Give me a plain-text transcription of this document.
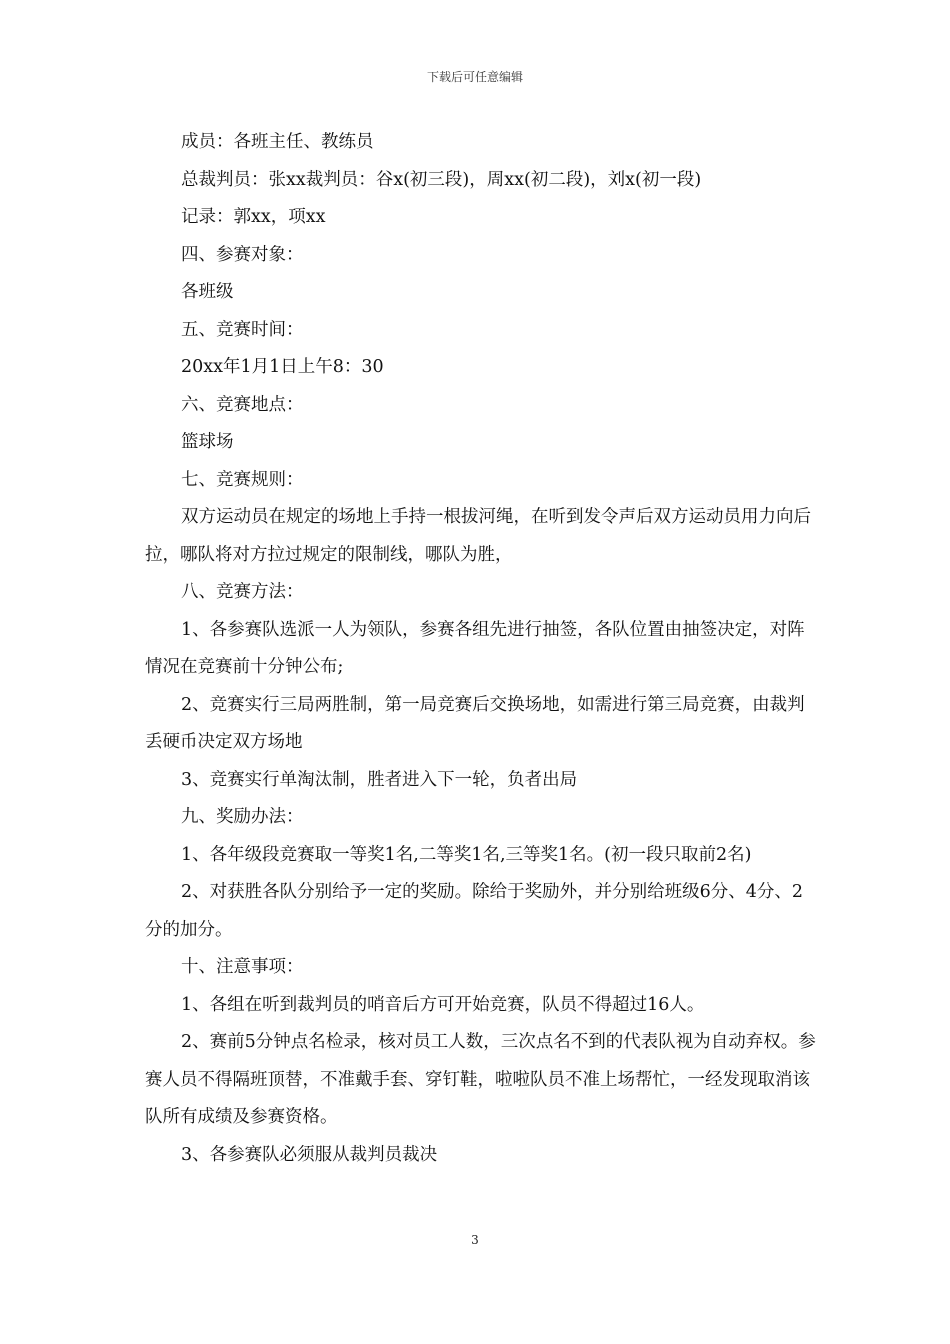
下载后可任意编辑

成员：各班主任、教练员

总裁判员：张xx裁判员：谷x(初三段)，周xx(初二段)，刘x(初一段)

记录：郭xx，项xx

四、参赛对象：

各班级

五、竞赛时间：

20xx年1月1日上午8：30

六、竞赛地点：

篮球场

七、竞赛规则：

双方运动员在规定的场地上手持一根拔河绳，在听到发令声后双方运动员用力向后拉，哪队将对方拉过规定的限制线，哪队为胜，

八、竞赛方法：

1、各参赛队选派一人为领队，参赛各组先进行抽签，各队位置由抽签决定，对阵情况在竞赛前十分钟公布;

2、竞赛实行三局两胜制，第一局竞赛后交换场地，如需进行第三局竞赛，由裁判丢硬币决定双方场地

3、竞赛实行单淘汰制，胜者进入下一轮，负者出局

九、奖励办法：

1、各年级段竞赛取一等奖1名,二等奖1名,三等奖1名。(初一段只取前2名)

2、对获胜各队分别给予一定的奖励。除给于奖励外，并分别给班级6分、4分、2分的加分。

十、注意事项：

1、各组在听到裁判员的哨音后方可开始竞赛，队员不得超过16人。

2、赛前5分钟点名检录，核对员工人数，三次点名不到的代表队视为自动弃权。参赛人员不得隔班顶替，不准戴手套、穿钉鞋，啦啦队员不准上场帮忙，一经发现取消该队所有成绩及参赛资格。

3、各参赛队必须服从裁判员裁决

3
